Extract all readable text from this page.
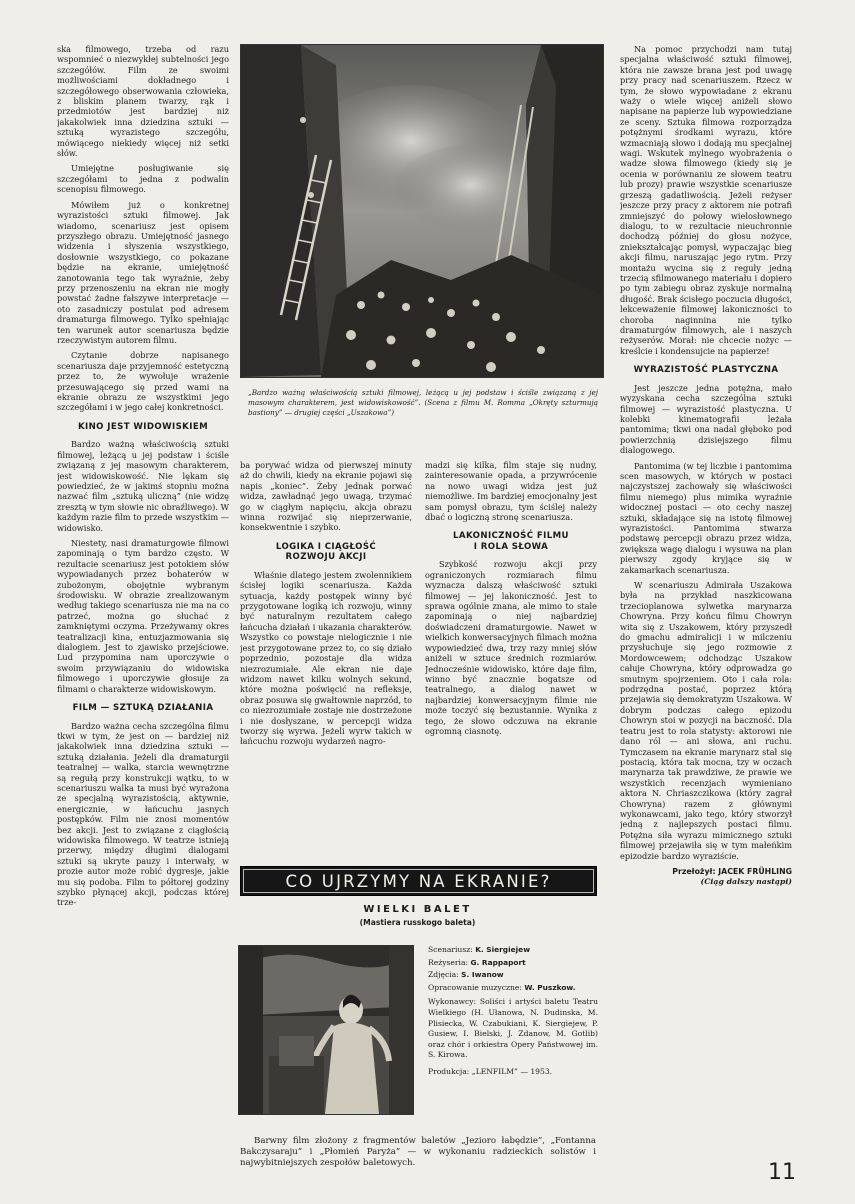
ska filmowego, trzeba od razu wspomnieć o niezwykłej subtelności jego szczegółów. Film ze swoimi możliwościami dokładnego i szczegółowego obserwowania człowieka, z bliskim planem twarzy, rąk i przedmiotów jest bardziej niż jakakolwiek inna dziedzina sztuki — sztuką wyrazistego szczegółu, mówiącego niekiedy więcej niż setki słów.

Umiejętne posługiwanie się szczegółami to jedna z podwalin scenopisu filmowego.

Mówiłem już o konkretnej wyrazistości sztuki filmowej. Jak wiadomo, scenariusz jest opisem przyszłego obrazu. Umiejętność jasnego widzenia i słyszenia wszystkiego, dosłownie wszystkiego, co pokazane będzie na ekranie, umiejętność zanotowania tego tak wyraźnie, żeby przy przenoszeniu na ekran nie mogły powstać żadne fałszywe interpretacje — oto zasadniczy postulat pod adresem dramaturga filmowego. Tylko spełniając ten warunek autor scenariusza będzie rzeczywistym autorem filmu.

Czytanie dobrze napisanego scenariusza daje przyjemność estetyczną przez to, że wywołuje wrażenie przesuwającego się przed wami na ekranie obrazu ze wszystkimi jego szczegółami i w jego całej konkretności.

KINO JEST WIDOWISKIEM

Bardzo ważną właściwością sztuki filmowej, leżącą u jej podstaw i ściśle związaną z jej masowym charakterem, jest widowiskowość. Nie lękam się powiedzieć, że w jakimś stopniu można nazwać film „sztuką uliczną” (nie widzę zresztą w tym słowie nic obraźliwego). W każdym razie film to przede wszystkim — widowisko.

Niestety, nasi dramaturgowie filmowi zapominają o tym bardzo często. W rezultacie scenariusz jest potokiem słów wypowiadanych przez bohaterów w zubożonym, obojętnie wybranym środowisku. W obrazie zrealizowanym według takiego scenariusza nie ma na co patrzeć, można go słuchać z zamkniętymi oczyma. Przeżywamy okres teatralizacji kina, entuzjazmowania się dialogiem. Jest to zjawisko przejściowe. Lud przypomina nam uporczywie o swoim przywiązaniu do widowiska filmowego i uporczywie głosuje za filmami o charakterze widowiskowym.

FILM — SZTUKĄ DZIAŁANIA

Bardzo ważna cecha szczególna filmu tkwi w tym, że jest on — bardziej niż jakakolwiek inna dziedzina sztuki — sztuką działania. Jeżeli dla dramaturgii teatralnej — walka, starcia wewnętrzne są regułą przy konstrukcji wątku, to w scenariuszu walka ta musi być wyrażona ze specjalną wyrazistością, aktywnie, energicznie, w łańcuchu jasnych postępków. Film nie znosi momentów bez akcji. Jest to związane z ciągłością widowiska filmowego. W teatrze istnieją przerwy, między długimi dialogami sztuki są ukryte pauzy i interwały, w prozie autor może robić dygresje, jakie mu się podoba. Film to półtorej godziny szybko płynącej akcji, podczas której trze-

„Bardzo ważną właściwością sztuki filmowej, leżącą u jej podstaw i ściśle związaną z jej masowym charakterem, jest widowiskowość”. (Scena z filmu M. Romma „Okręty szturmują bastiony” — drugiej części „Uszakowa”)

ba porywać widza od pierwszej minuty aż do chwili, kiedy na ekranie pojawi się napis „koniec”. Żeby jednak porwać widza, zawładnąć jego uwagą, trzymać go w ciągłym napięciu, akcja obrazu winna rozwijać się nieprzerwanie, konsekwentnie i szybko.

LOGIKA I CIĄGŁOŚĆ
ROZWOJU AKCJI

Właśnie dlatego jestem zwolennikiem ścisłej logiki scenariusza. Każda sytuacja, każdy postępek winny być przygotowane logiką ich rozwoju, winny być naturalnym rezultatem całego łańcucha działań i ukazania charakterów. Wszystko co powstaje nielogicznie i nie jest przygotowane przez to, co się działo poprzednio, pozostaje dla widza niezrozumiałe. Ale ekran nie daje widzom nawet kilku wolnych sekund, które można poświęcić na refleksje, obraz posuwa się gwałtownie naprzód, to co niezrozumiałe zostaje nie dostrzeżone i nie dosłyszane, w percepcji widza tworzy się wyrwa. Jeżeli wyrw takich w łańcuchu rozwoju wydarzeń nagro-

madzi się kilka, film staje się nudny, zainteresowanie opada, a przywrócenie na nowo uwagi widza jest już niemożliwe. Im bardziej emocjonalny jest sam pomysł obrazu, tym ściślej należy dbać o logiczną stronę scenariusza.

LAKONICZNOŚĆ FILMU
I ROLA SŁOWA

Szybkość rozwoju akcji przy ograniczonych rozmiarach filmu wyznacza dalszą właściwość sztuki filmowej — jej lakoniczność. Jest to sprawa ogólnie znana, ale mimo to stale zapominają o niej najbardziej doświadczeni dramaturgowie. Nawet w wielkich konwersacyjnych filmach można wypowiedzieć dwa, trzy razy mniej słów aniżeli w sztuce średnich rozmiarów. Jednocześnie widowisko, które daje film, winno być znacznie bogatsze od teatralnego, a dialog nawet w najbardziej konwersacyjnym filmie nie może toczyć się bezustannie. Wynika z tego, że słowo odczuwa na ekranie ogromną ciasnotę.

CO UJRZYMY NA EKRANIE?
WIELKI BALET
(Mastiera russkogo baleta)
Scenariusz: K. Siergiejew
Reżyseria: G. Rappaport
Zdjęcia: S. Iwanow
Opracowanie muzyczne: W. Puszkow.
Wykonawcy: Soliści i artyści baletu Teatru Wielkiego (H. Ułanowa, N. Dudinska, M. Plisiecka, W. Czabukiani, K. Siergiejew, P. Gusiew, I. Bielski, J. Zdanow, M. Gotlib) oraz chór i orkiestra Opery Państwowej im. S. Kirowa.
Produkcja: „LENFILM” — 1953.
Barwny film złożony z fragmentów baletów „Jezioro łabędzie”, „Fontanna Bakczysaraju” i „Płomień Paryża” — w wykonaniu radzieckich solistów i najwybitniejszych zespołów baletowych.

Na pomoc przychodzi nam tutaj specjalna właściwość sztuki filmowej, która nie zawsze brana jest pod uwagę przy pracy nad scenariuszem. Rzecz w tym, że słowo wypowiadane z ekranu waży o wiele więcej aniżeli słowo napisane na papierze lub wypowiedziane ze sceny. Sztuka filmowa rozporządza potężnymi środkami wyrazu, które wzmacniają słowo i dodają mu specjalnej wagi. Wskutek mylnego wyobrażenia o wadze słowa filmowego (kiedy się je ocenia w porównaniu ze słowem teatru lub prozy) prawie wszystkie scenariusze grzeszą gadatliwością. Jeżeli reżyser jeszcze przy pracy z aktorem nie potrafi zmniejszyć do połowy wielosłownego dialogu, to w rezultacie nieuchronnie dochodzą później do głosu nożyce, zniekształcając pomysł, wypaczając bieg akcji filmu, naruszając jego rytm. Przy montażu wycina się z reguły jedną trzecią sfilmowanego materiału i dopiero po tym zabiegu obraz zyskuje normalną długość. Brak ścisłego poczucia długości, lekceważenie filmowej lakoniczności to choroba naginnina nie tylko dramaturgów filmowych, ale i naszych reżyserów. Morał: nie chcecie nożyc — kreślcie i kondensujcie na papierze!

WYRAZISTOŚĆ PLASTYCZNA

Jest jeszcze jedna potężna, mało wyzyskana cecha szczególna sztuki filmowej — wyrazistość plastyczna. U kolebki kinematografii leżała pantomima; tkwi ona nadal głęboko pod powierzchnią dzisiejszego filmu dialogowego.

Pantomima (w tej liczbie i pantomima scen masowych, w których w postaci najczystszej zachowały się właściwości filmu niemego) plus mimika wyraźnie widocznej postaci — oto cechy naszej sztuki, składające się na istotę filmowej wyrazistości. Pantomima stwarza podstawę percepcji obrazu przez widza, zwiększa wagę dialogu i wysuwa na plan pierwszy zgody kryjące się w zakamarkach scenariusza.

W scenariuszu Admirała Uszakowa była na przykład naszkicowana trzecioplanowa sylwetka marynarza Chowryna. Przy końcu filmu Chowryn wita się z Uszakowem, który przyszedł do gmachu admiralicji i w milczeniu przysłuchuje się jego rozmowie z Mordowcewem; odchodząc Uszakow całuje Chowryna, który odprowadza go smutnym spojrzeniem. Oto i cała rola: podrzędna postać, poprzez którą przejawia się demokratyzm Uszakowa. W dobrym podczas całego epizodu Chowryn stoi w pozycji na baczność. Dla teatru jest to rola statysty: aktorowi nie dano ról — ani słowa, ani ruchu. Tymczasem na ekranie marynarz stał się postacią, która tak mocna, tzy w oczach marynarza tak prawdziwe, że prawie we wszystkich recenzjach wymieniano aktora N. Chriaszczikowa (który zagrał Chowryna) razem z głównymi wykonawcami, jako tego, który stworzył jedną z najlepszych postaci filmu. Potężna siła wyrazu mimicznego sztuki filmowej przejawiła się w tym małeńkim epizodzie bardzo wyraziście.

Przełożył: JACEK FRÜHLING
(Ciąg dalszy nastąpi)
11
